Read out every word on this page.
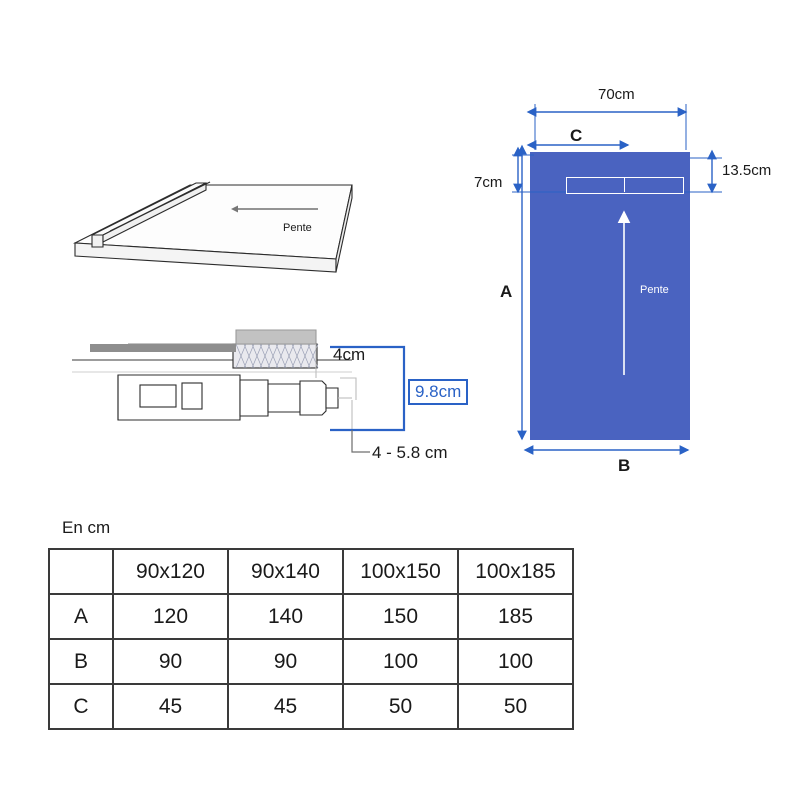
70cm
C
7cm
13.5cm
A
B
Pente
Pente
4cm
9.8cm
4 - 5.8 cm
En cm
	90x120	90x140	100x150	100x185
A	120	140	150	185
B	90	90	100	100
C	45	45	50	50
